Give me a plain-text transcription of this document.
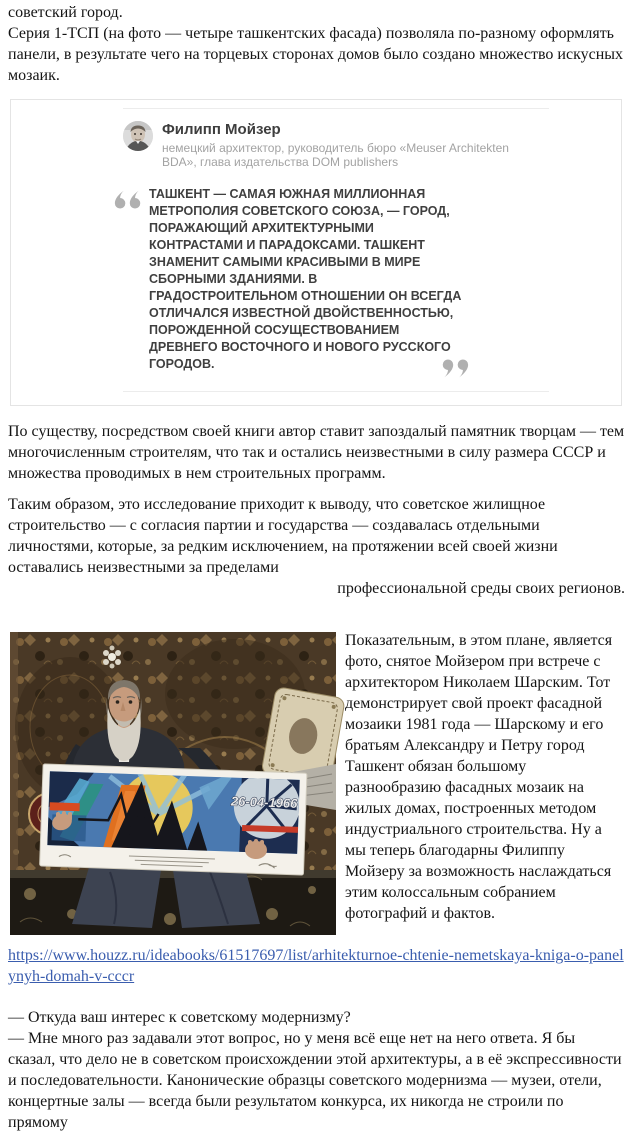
советский город.

Серия 1-ТСП (на фото — четыре ташкентских фасада) позволяла по-разному оформлять панели, в результате чего на торцевых сторонах домов было создано множество искусных мозаик.

Филипп Мойзер
немецкий архитектор, руководитель бюро «Meuser Architekten BDA», глава издательства DOM publishers
ТАШКЕНТ — САМАЯ ЮЖНАЯ МИЛЛИОННАЯ МЕТРОПОЛИЯ СОВЕТСКОГО СОЮЗА, — ГОРОД, ПОРАЖАЮЩИЙ АРХИТЕКТУРНЫМИ КОНТРАСТАМИ И ПАРАДОКСАМИ. ТАШКЕНТ ЗНАМЕНИТ САМЫМИ КРАСИВЫМИ В МИРЕ СБОРНЫМИ ЗДАНИЯМИ. В ГРАДОСТРОИТЕЛЬНОМ ОТНОШЕНИИ ОН ВСЕГДА ОТЛИЧАЛСЯ ИЗВЕСТНОЙ ДВОЙСТВЕННОСТЬЮ, ПОРОЖДЕННОЙ СОСУЩЕСТВОВАНИЕМ ДРЕВНЕГО ВОСТОЧНОГО И НОВОГО РУССКОГО ГОРОДОВ.

По существу, посредством своей книги автор ставит запоздалый памятник творцам — тем многочисленным строителям, что так и остались неизвестными в силу размера СССР и множества проводимых в нем строительных программ.

Таким образом, это исследование приходит к выводу, что советское жилищное строительство — с согласия партии и государства — создавалась отдельными личностями, которые, за редким исключением, на протяжении всей своей жизни оставались неизвестными за пределами

профессиональной среды своих регионов.

26-04-1966

Показательным, в этом плане, является фото, снятое Мойзером при встрече с архитектором Николаем Шарским. Тот демонстрирует свой проект фасадной мозаики 1981 года — Шарскому и его братьям Александру и Петру город Ташкент обязан большому разнообразию фасадных мозаик на жилых домах, построенных методом индустриального строительства. Ну а мы теперь благодарны Филиппу Мойзеру за возможность наслаждаться этим колоссальным собранием фотографий и фактов.

https://www.houzz.ru/ideabooks/61517697/list/arhitekturnoe-chtenie-nemetskaya-kniga-o-panelynyh-domah-v-cccr

— Откуда ваш интерес к советскому модернизму?

— Мне много раз задавали этот вопрос, но у меня всё еще нет на него ответа. Я бы сказал, что дело не в советском происхождении этой архитектуры, а в её экспрессивности и последовательности. Канонические образцы советского модернизма — музеи, отели, концертные залы — всегда были результатом конкурса, их никогда не строили по прямому
